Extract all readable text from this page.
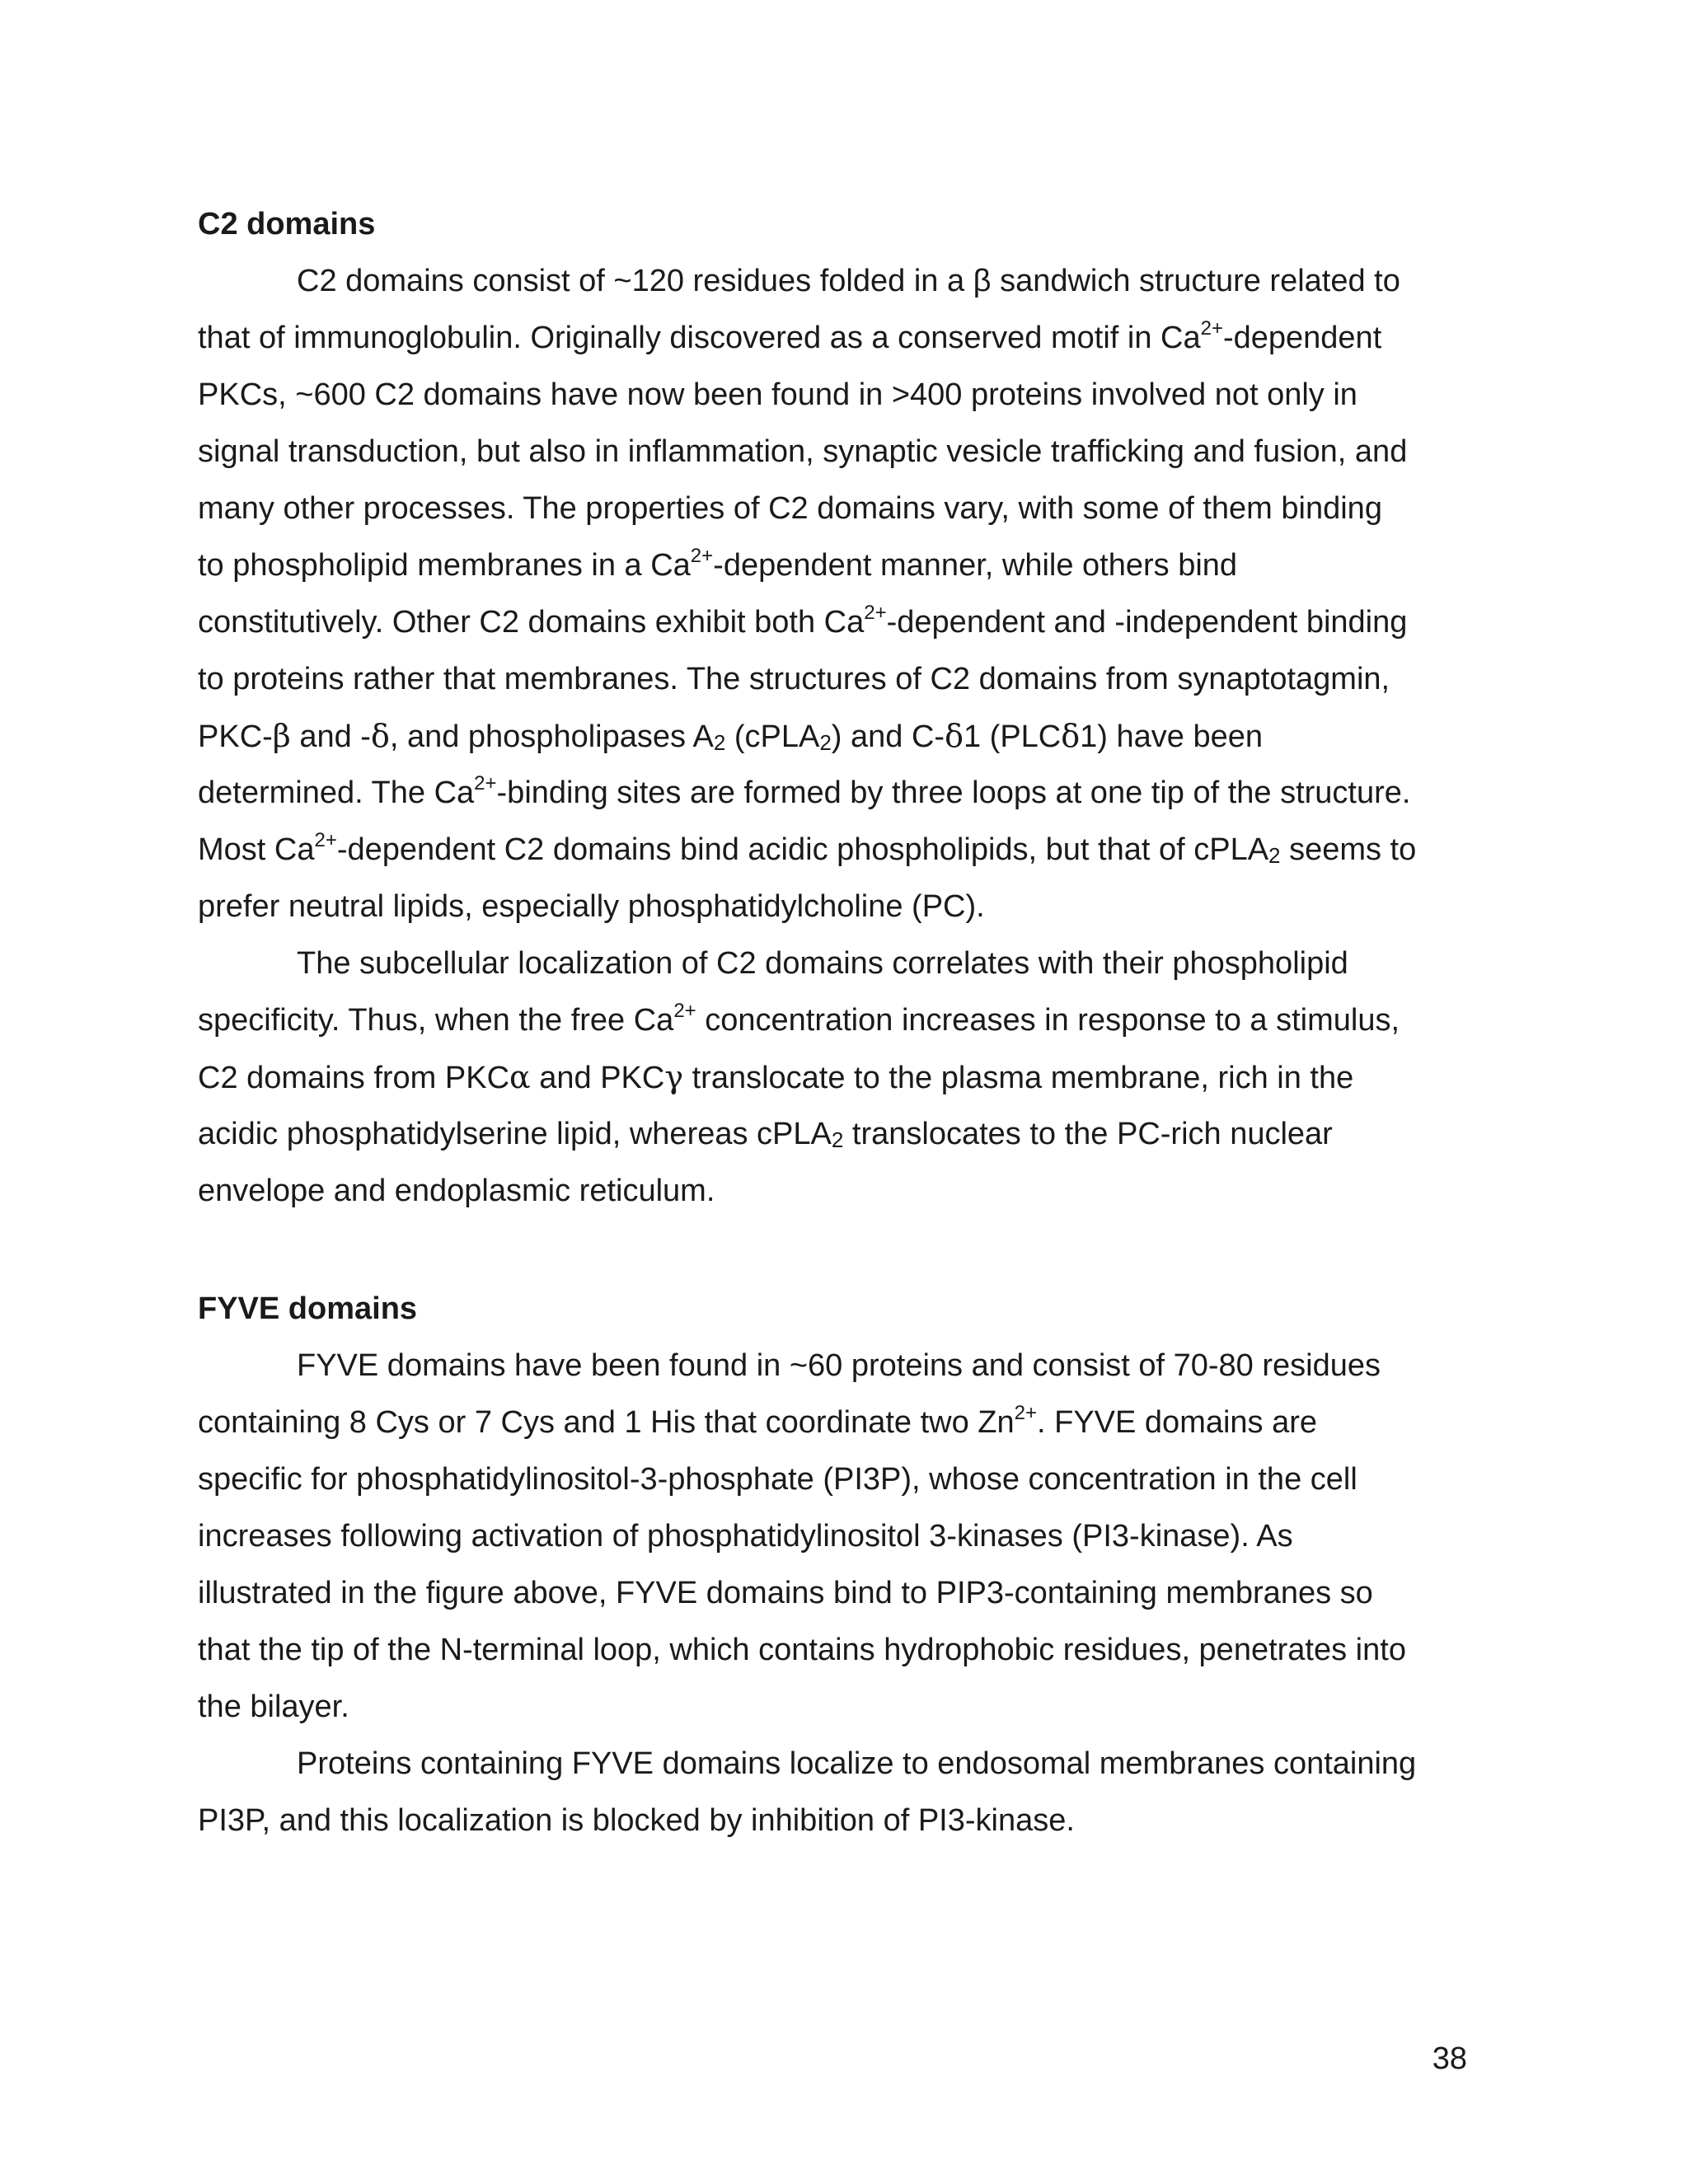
C2 domains
C2 domains consist of ~120 residues folded in a β sandwich structure related to
that of immunoglobulin. Originally discovered as a conserved motif in $Ca^{2+}$-dependent
PKCs, ~600 C2 domains have now been found in >400 proteins involved not only in
signal transduction, but also in inflammation, synaptic vesicle trafficking and fusion, and
many other processes. The properties of C2 domains vary, with some of them binding
to phospholipid membranes in a $Ca^{2+}$-dependent manner, while others bind
constitutively. Other C2 domains exhibit both $Ca^{2+}$-dependent and -independent binding
to proteins rather that membranes. The structures of C2 domains from synaptotagmin,
PKC-β and -δ, and phospholipases $A_2$ (cPLA$_2$) and C-δ1 (PLCδ1) have been
determined. The $Ca^{2+}$-binding sites are formed by three loops at one tip of the structure.
Most $Ca^{2+}$-dependent C2 domains bind acidic phospholipids, but that of cPLA$_2$ seems to
prefer neutral lipids, especially phosphatidylcholine (PC).
The subcellular localization of C2 domains correlates with their phospholipid
specificity. Thus, when the free $Ca^{2+}$ concentration increases in response to a stimulus,
C2 domains from PKCα and PKCγ translocate to the plasma membrane, rich in the
acidic phosphatidylserine lipid, whereas cPLA$_2$ translocates to the PC-rich nuclear
envelope and endoplasmic reticulum.
FYVE domains
FYVE domains have been found in ~60 proteins and consist of 70-80 residues
containing 8 Cys or 7 Cys and 1 His that coordinate two $Zn^{2+}$. FYVE domains are
specific for phosphatidylinositol-3-phosphate (PI3P), whose concentration in the cell
increases following activation of phosphatidylinositol 3-kinases (PI3-kinase). As
illustrated in the figure above, FYVE domains bind to PIP3-containing membranes so
that the tip of the N-terminal loop, which contains hydrophobic residues, penetrates into
the bilayer.
Proteins containing FYVE domains localize to endosomal membranes containing
PI3P, and this localization is blocked by inhibition of PI3-kinase.
38
